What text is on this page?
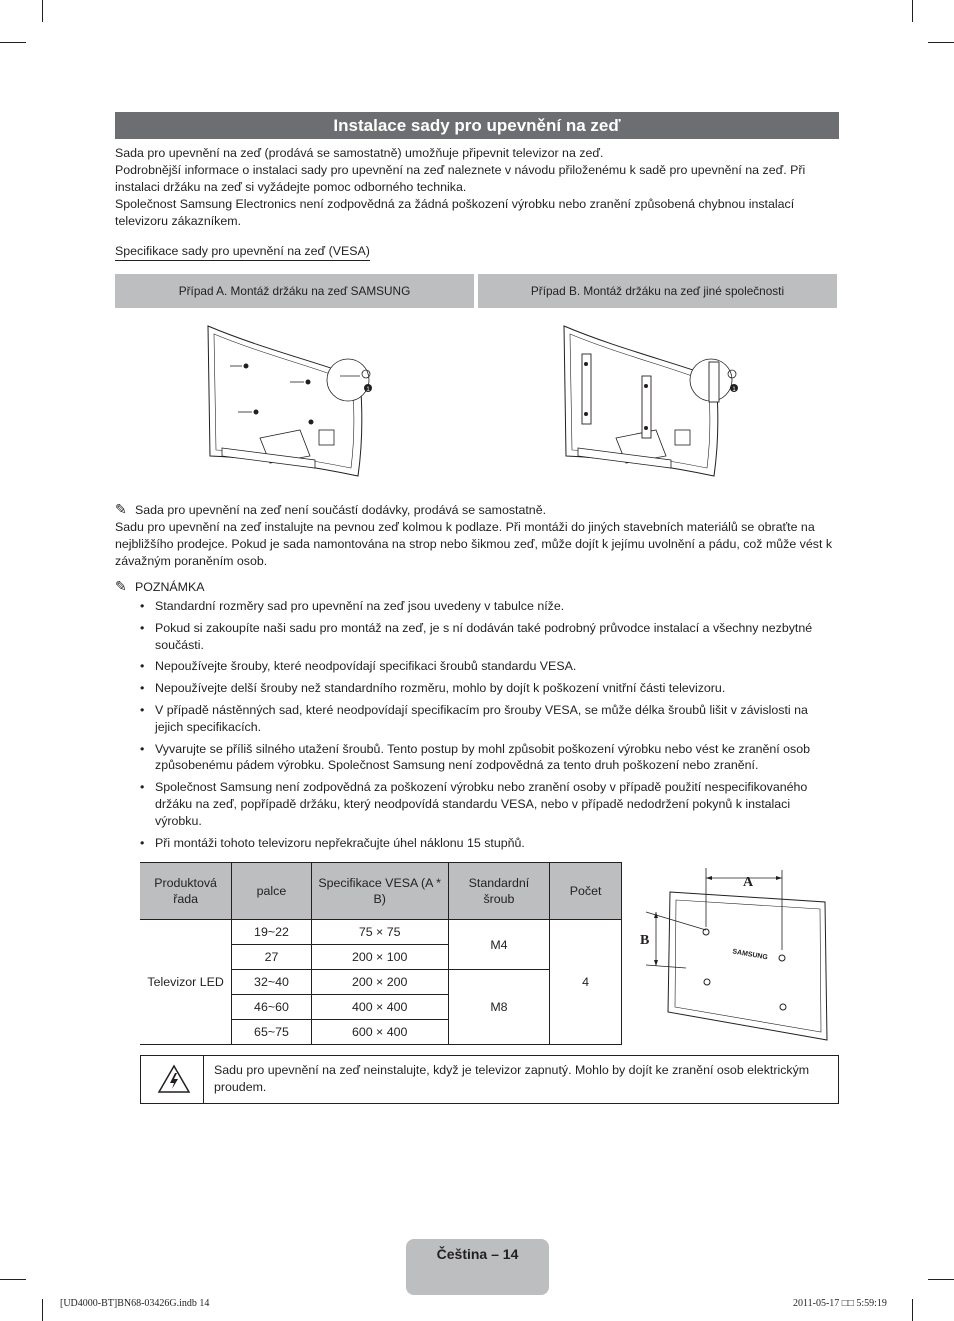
Instalace sady pro upevnění na zeď

Sada pro upevnění na zeď (prodává se samostatně) umožňuje připevnit televizor na zeď.

Podrobnější informace o instalaci sady pro upevnění na zeď naleznete v návodu přiloženému k sadě pro upevnění na zeď. Při instalaci držáku na zeď si vyžádejte pomoc odborného technika.

Společnost Samsung Electronics není zodpovědná za žádná poškození výrobku nebo zranění způsobená chybnou instalací televizoru zákazníkem.

Specifikace sady pro upevnění na zeď (VESA)
Případ A. Montáž držáku na zeď SAMSUNG	Případ B. Montáž držáku na zeď jiné společnosti
1	1
✎ Sada pro upevnění na zeď není součástí dodávky, prodává se samostatně.
Sadu pro upevnění na zeď instalujte na pevnou zeď kolmou k podlaze. Při montáži do jiných stavebních materiálů se obraťte na nejbližšího prodejce. Pokud je sada namontována na strop nebo šikmou zeď, může dojít k jejímu uvolnění a pádu, což může vést k závažným poraněním osob.
✎ POZNÁMKA
• Standardní rozměry sad pro upevnění na zeď jsou uvedeny v tabulce níže.
• Pokud si zakoupíte naši sadu pro montáž na zeď, je s ní dodáván také podrobný průvodce instalací a všechny nezbytné součásti.
• Nepoužívejte šrouby, které neodpovídají specifikaci šroubů standardu VESA.
• Nepoužívejte delší šrouby než standardního rozměru, mohlo by dojít k poškození vnitřní části televizoru.
• V případě nástěnných sad, které neodpovídají specifikacím pro šrouby VESA, se může délka šroubů lišit v závislosti na jejich specifikacích.
• Vyvarujte se příliš silného utažení šroubů. Tento postup by mohl způsobit poškození výrobku nebo vést ke zranění osob způsobenému pádem výrobku. Společnost Samsung není zodpovědná za tento druh poškození nebo zranění.
• Společnost Samsung není zodpovědná za poškození výrobku nebo zranění osoby v případě použití nespecifikovaného držáku na zeď, popřípadě držáku, který neodpovídá standardu VESA, nebo v případě nedodržení pokynů k instalaci výrobku.
• Při montáži tohoto televizoru nepřekračujte úhel náklonu 15 stupňů.
Produktová řada	palce	Specifikace VESA (A * B)	Standardní šroub	Počet
Televizor LED	19~22	75 × 75	M4	4
	27	200 × 100		
	32~40	200 × 200	M8	
	46~60	400 × 400		
	65~75	600 × 400		
SAMSUNG
A
B
Sadu pro upevnění na zeď neinstalujte, když je televizor zapnutý. Mohlo by dojít ke zranění osob elektrickým proudem.
Čeština – 14
[UD4000-BT]BN68-03426G.indb 14	2011-05-17 □□ 5:59:19
